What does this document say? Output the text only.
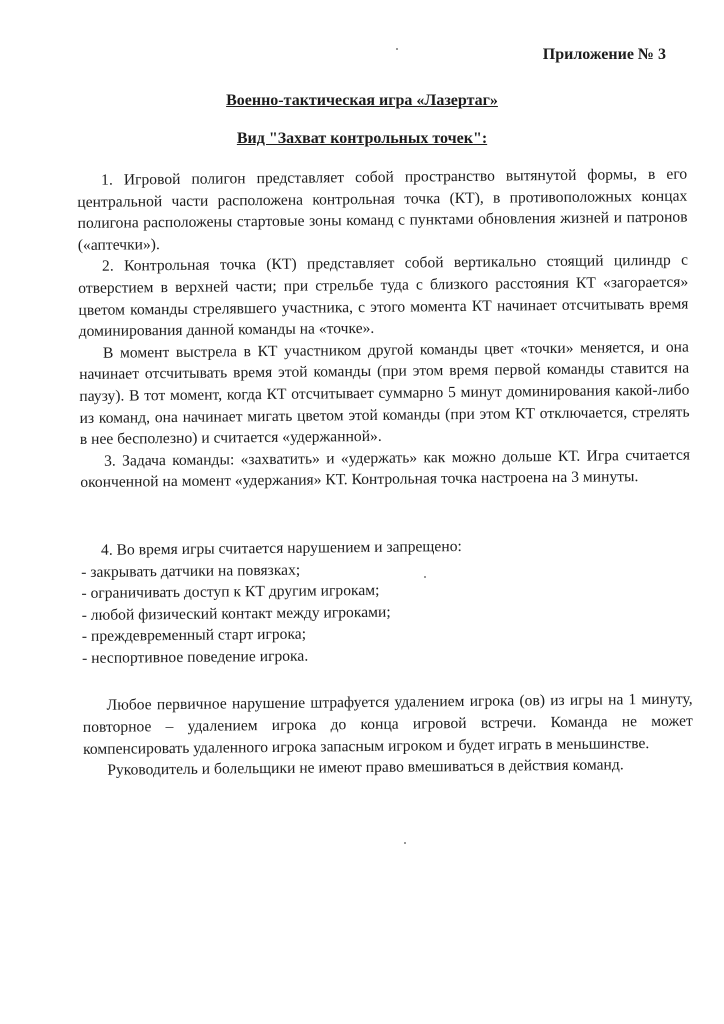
Приложение № 3
Военно-тактическая игра «Лазертаг»
Вид "Захват контрольных точек":

1. Игровой полигон представляет собой пространство вытянутой формы, в его центральной части расположена контрольная точка (КТ), в противоположных концах полигона расположены стартовые зоны команд с пунктами обновления жизней и патронов («аптечки»).

2. Контрольная точка (КТ) представляет собой вертикально стоящий цилиндр с отверстием в верхней части; при стрельбе туда с близкого расстояния КТ «загорается» цветом команды стрелявшего участника, с этого момента КТ начинает отсчитывать время доминирования данной команды на «точке».

В момент выстрела в КТ участником другой команды цвет «точки» меняется, и она начинает отсчитывать время этой команды (при этом время первой команды ставится на паузу). В тот момент, когда КТ отсчитывает суммарно 5 минут доминирования какой-либо из команд, она начинает мигать цветом этой команды (при этом КТ отключается, стрелять в нее бесполезно) и считается «удержанной».

3. Задача команды: «захватить» и «удержать» как можно дольше КТ. Игра считается оконченной на момент «удержания» КТ. Контрольная точка настроена на 3 минуты.

4. Во время игры считается нарушением и запрещено:

- закрывать датчики на повязках;
- ограничивать доступ к КТ другим игрокам;
- любой физический контакт между игроками;
- преждевременный старт игрока;
- неспортивное поведение игрока.

Любое первичное нарушение штрафуется удалением игрока (ов) из игры на 1 минуту, повторное – удалением игрока до конца игровой встречи. Команда не может компенсировать удаленного игрока запасным игроком и будет играть в меньшинстве.

Руководитель и болельщики не имеют право вмешиваться в действия команд.
